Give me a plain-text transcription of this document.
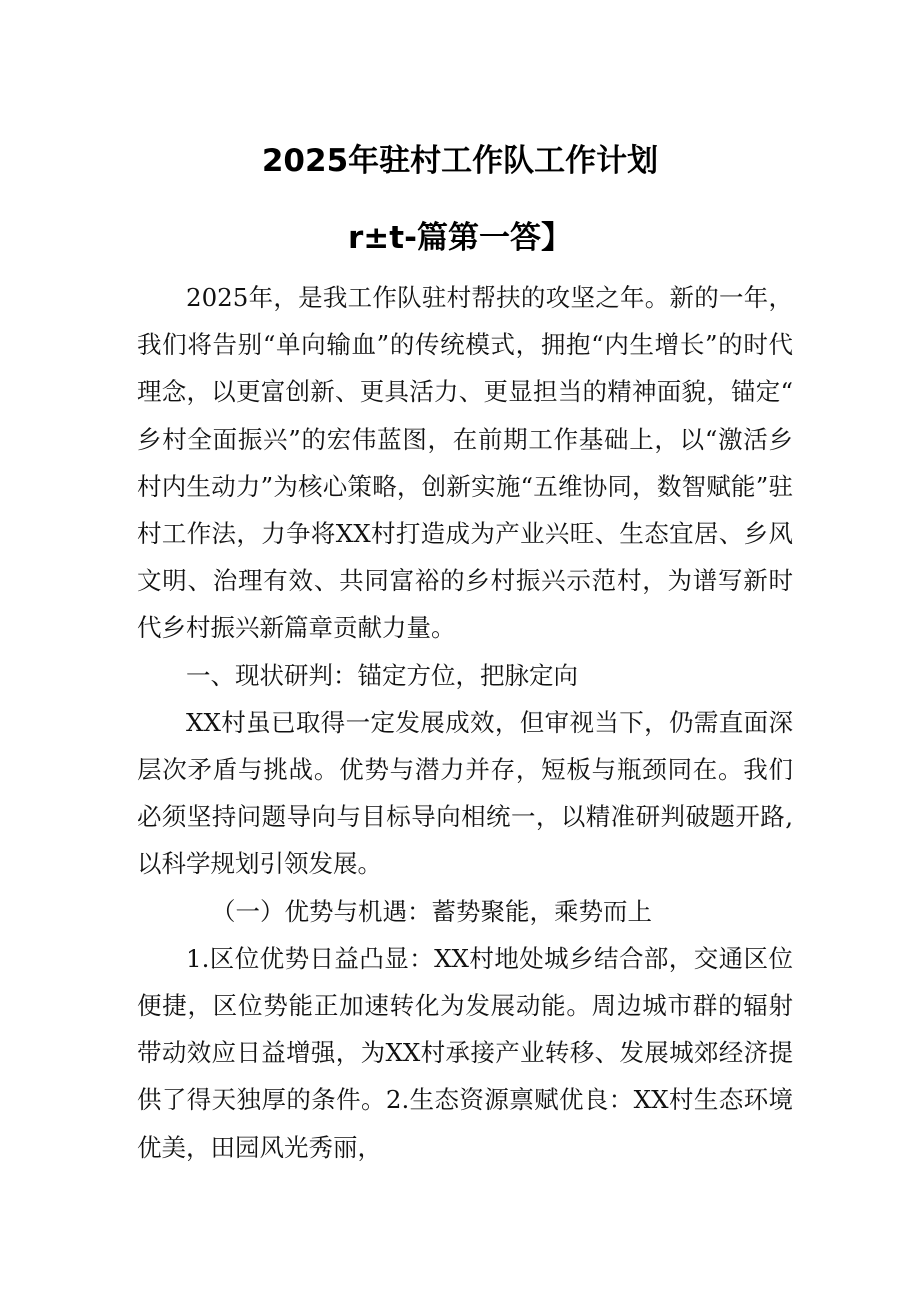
2025年驻村工作队工作计划
r±t-篇第一答】

2025年，是我工作队驻村帮扶的攻坚之年。新的一年，我们将告别“单向输血”的传统模式，拥抱“内生增长”的时代理念，以更富创新、更具活力、更显担当的精神面貌，锚定“乡村全面振兴”的宏伟蓝图，在前期工作基础上，以“激活乡村内生动力”为核心策略，创新实施“五维协同，数智赋能”驻村工作法，力争将XX村打造成为产业兴旺、生态宜居、乡风文明、治理有效、共同富裕的乡村振兴示范村，为谱写新时代乡村振兴新篇章贡献力量。

一、现状研判：锚定方位，把脉定向

XX村虽已取得一定发展成效，但审视当下，仍需直面深层次矛盾与挑战。优势与潜力并存，短板与瓶颈同在。我们必须坚持问题导向与目标导向相统一，以精准研判破题开路,以科学规划引领发展。

（一）优势与机遇：蓄势聚能，乘势而上

1.区位优势日益凸显：XX村地处城乡结合部，交通区位便捷，区位势能正加速转化为发展动能。周边城市群的辐射带动效应日益增强，为XX村承接产业转移、发展城郊经济提供了得天独厚的条件。2.生态资源禀赋优良：XX村生态环境优美，田园风光秀丽，
